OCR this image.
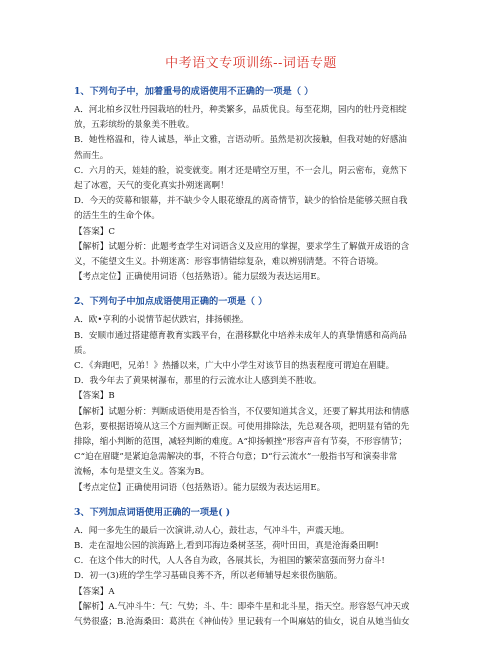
中考语文专项训练--词语专题
1、下列句子中，加着重号的成语使用不正确的一项是（ ）

A．河北柏乡汉牡丹园栽培的牡丹，种类繁多，品质优良。每至花期，园内的牡丹竞相绽

放，五彩缤纷的景象美不胜收。

B．她性格温和，待人诚恳，举止文雅，言语动听。虽然是初次接触，但我对她的好感油

然而生。

C．六月的天，娃娃的脸，说变就变。刚才还是晴空万里，不一会儿，阴云密布，竟然下

起了冰雹，天气的变化真实扑朔迷离啊！

D．今天的荧幕和银幕，并不缺少令人眼花缭乱的离奇情节，缺少的恰恰是能够关照自我

的活生生的生命个体。

【答案】C

【解析】试题分析：此题考查学生对词语含义及应用的掌握，要求学生了解做开成语的含

义，不能望文生义。扑朔迷离：形容事情错综复杂，难以辨别清楚。不符合语境。

【考点定位】正确使用词语（包括熟语）。能力层级为表达运用E。

2、下列句子中加点成语使用正确的一项是（ ）

A．欧•亨利的小说情节起伏跌宕，排扬顿挫。

B．安顺市通过搭建德育教育实践平台，在潜移默化中培养未成年人的真挚情感和高尚品

质。

C．《奔跑吧，兄弟！》热播以来，广大中小学生对该节目的热衷程度可谓迫在眉睫。

D．我今年去了黄果树瀑布，那里的行云流水让人感到美不胜收。

【答案】B

【解析】试题分析：判断成语使用是否恰当，不仅要知道其含义，还要了解其用法和情感

色彩，要根据语境从这三个方面判断正误。可使用排除法，先总观各项，把明显有错的先

排除，缩小判断的范围，减轻判断的难度。A“抑扬顿挫”形容声音有节奏，不形容情节；

C“迫在眉睫”是紧迫急需解决的事，不符合句意；D“行云流水”一般指书写和演奏非常

流畅，本句是望文生义。答案为B。

【考点定位】正确使用词语（包括熟语）。能力层级为表达运用E。

3、下列加点词语使用正确的一项是( )

A．闻一多先生的最后一次演讲,动人心，鼓壮志，气冲斗牛，声震天地。

B．走在湿地公园的滨海路上,看到邛海边桑树茎茎，荷叶田田，真是沧海桑田啊!

C．在这个伟大的时代，人人各自为政，各展其长，为祖国的繁荣富强而努力奋斗!

D．初一(3)班的学生学习基础良莠不齐，所以老师辅导起来很伤脑筋。

【答案】A

【解析】A.气冲斗牛：气：气势；斗、牛：即牵牛星和北斗星，指天空。形容怒气冲天或

气势很盛；B.沧海桑田：葛洪在《神仙传》里记载有一个叫麻姑的仙女，说自从她当仙女
